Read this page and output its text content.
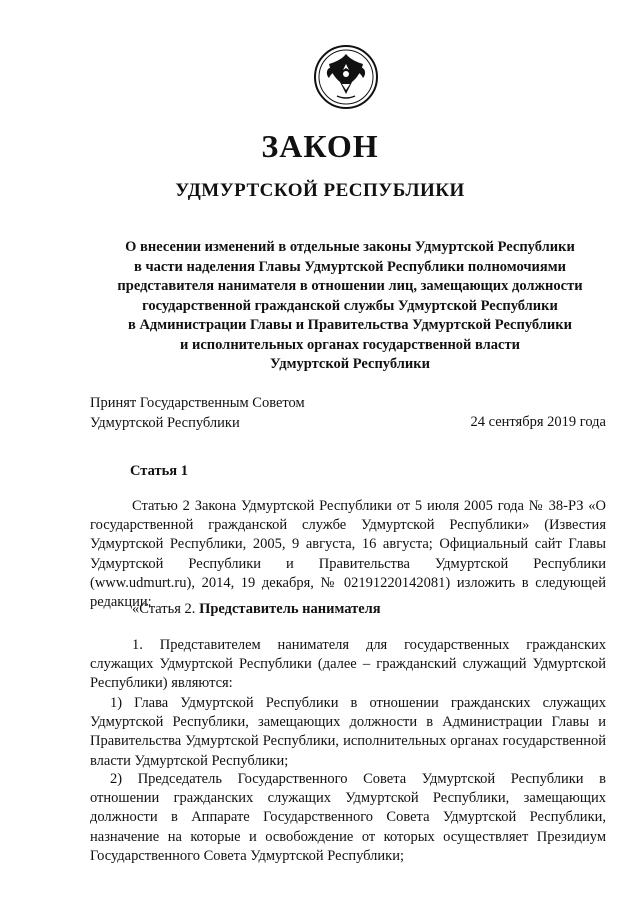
ЗАКОН
УДМУРТСКОЙ РЕСПУБЛИКИ
О внесении изменений в отдельные законы Удмуртской Республики
в части наделения Главы Удмуртской Республики полномочиями
представителя нанимателя в отношении лиц, замещающих должности
государственной гражданской службы Удмуртской Республики
в Администрации Главы и Правительства Удмуртской Республики
и исполнительных органах государственной власти
Удмуртской Республики
Принят Государственным Советом
Удмуртской Республики	24 сентября 2019 года
Статья 1
Статью 2 Закона Удмуртской Республики от 5 июля 2005 года № 38-РЗ «О государственной гражданской службе Удмуртской Республики» (Известия Удмуртской Республики, 2005, 9 августа, 16 августа; Официальный сайт Главы Удмуртской Республики и Правительства Удмуртской Республики (www.udmurt.ru), 2014, 19 декабря, № 02191220142081) изложить в следующей редакции:
«Статья 2. Представитель нанимателя
1. Представителем нанимателя для государственных гражданских служащих Удмуртской Республики (далее – гражданский служащий Удмуртской Республики) являются:
1) Глава Удмуртской Республики в отношении гражданских служащих Удмуртской Республики, замещающих должности в Администрации Главы и Правительства Удмуртской Республики, исполнительных органах государственной власти Удмуртской Республики;
2) Председатель Государственного Совета Удмуртской Республики в отношении гражданских служащих Удмуртской Республики, замещающих должности в Аппарате Государственного Совета Удмуртской Республики, назначение на которые и освобождение от которых осуществляет Президиум Государственного Совета Удмуртской Республики;
